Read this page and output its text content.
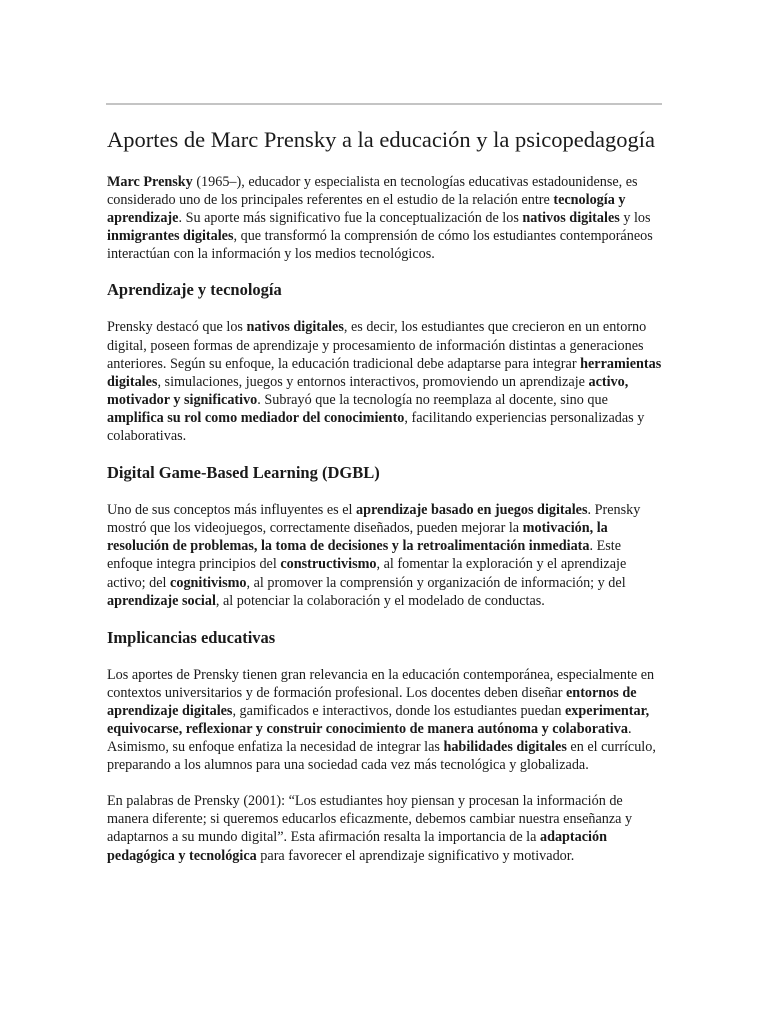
Aportes de Marc Prensky a la educación y la psicopedagogía

Marc Prensky (1965–), educador y especialista en tecnologías educativas estadounidense, es considerado uno de los principales referentes en el estudio de la relación entre tecnología y aprendizaje. Su aporte más significativo fue la conceptualización de los nativos digitales y los inmigrantes digitales, que transformó la comprensión de cómo los estudiantes contemporáneos interactúan con la información y los medios tecnológicos.

Aprendizaje y tecnología

Prensky destacó que los nativos digitales, es decir, los estudiantes que crecieron en un entorno digital, poseen formas de aprendizaje y procesamiento de información distintas a generaciones anteriores. Según su enfoque, la educación tradicional debe adaptarse para integrar herramientas digitales, simulaciones, juegos y entornos interactivos, promoviendo un aprendizaje activo, motivador y significativo. Subrayó que la tecnología no reemplaza al docente, sino que amplifica su rol como mediador del conocimiento, facilitando experiencias personalizadas y colaborativas.

Digital Game-Based Learning (DGBL)

Uno de sus conceptos más influyentes es el aprendizaje basado en juegos digitales. Prensky mostró que los videojuegos, correctamente diseñados, pueden mejorar la motivación, la resolución de problemas, la toma de decisiones y la retroalimentación inmediata. Este enfoque integra principios del constructivismo, al fomentar la exploración y el aprendizaje activo; del cognitivismo, al promover la comprensión y organización de información; y del aprendizaje social, al potenciar la colaboración y el modelado de conductas.

Implicancias educativas

Los aportes de Prensky tienen gran relevancia en la educación contemporánea, especialmente en contextos universitarios y de formación profesional. Los docentes deben diseñar entornos de aprendizaje digitales, gamificados e interactivos, donde los estudiantes puedan experimentar, equivocarse, reflexionar y construir conocimiento de manera autónoma y colaborativa. Asimismo, su enfoque enfatiza la necesidad de integrar las habilidades digitales en el currículo, preparando a los alumnos para una sociedad cada vez más tecnológica y globalizada.

En palabras de Prensky (2001): “Los estudiantes hoy piensan y procesan la información de manera diferente; si queremos educarlos eficazmente, debemos cambiar nuestra enseñanza y adaptarnos a su mundo digital”. Esta afirmación resalta la importancia de la adaptación pedagógica y tecnológica para favorecer el aprendizaje significativo y motivador.
